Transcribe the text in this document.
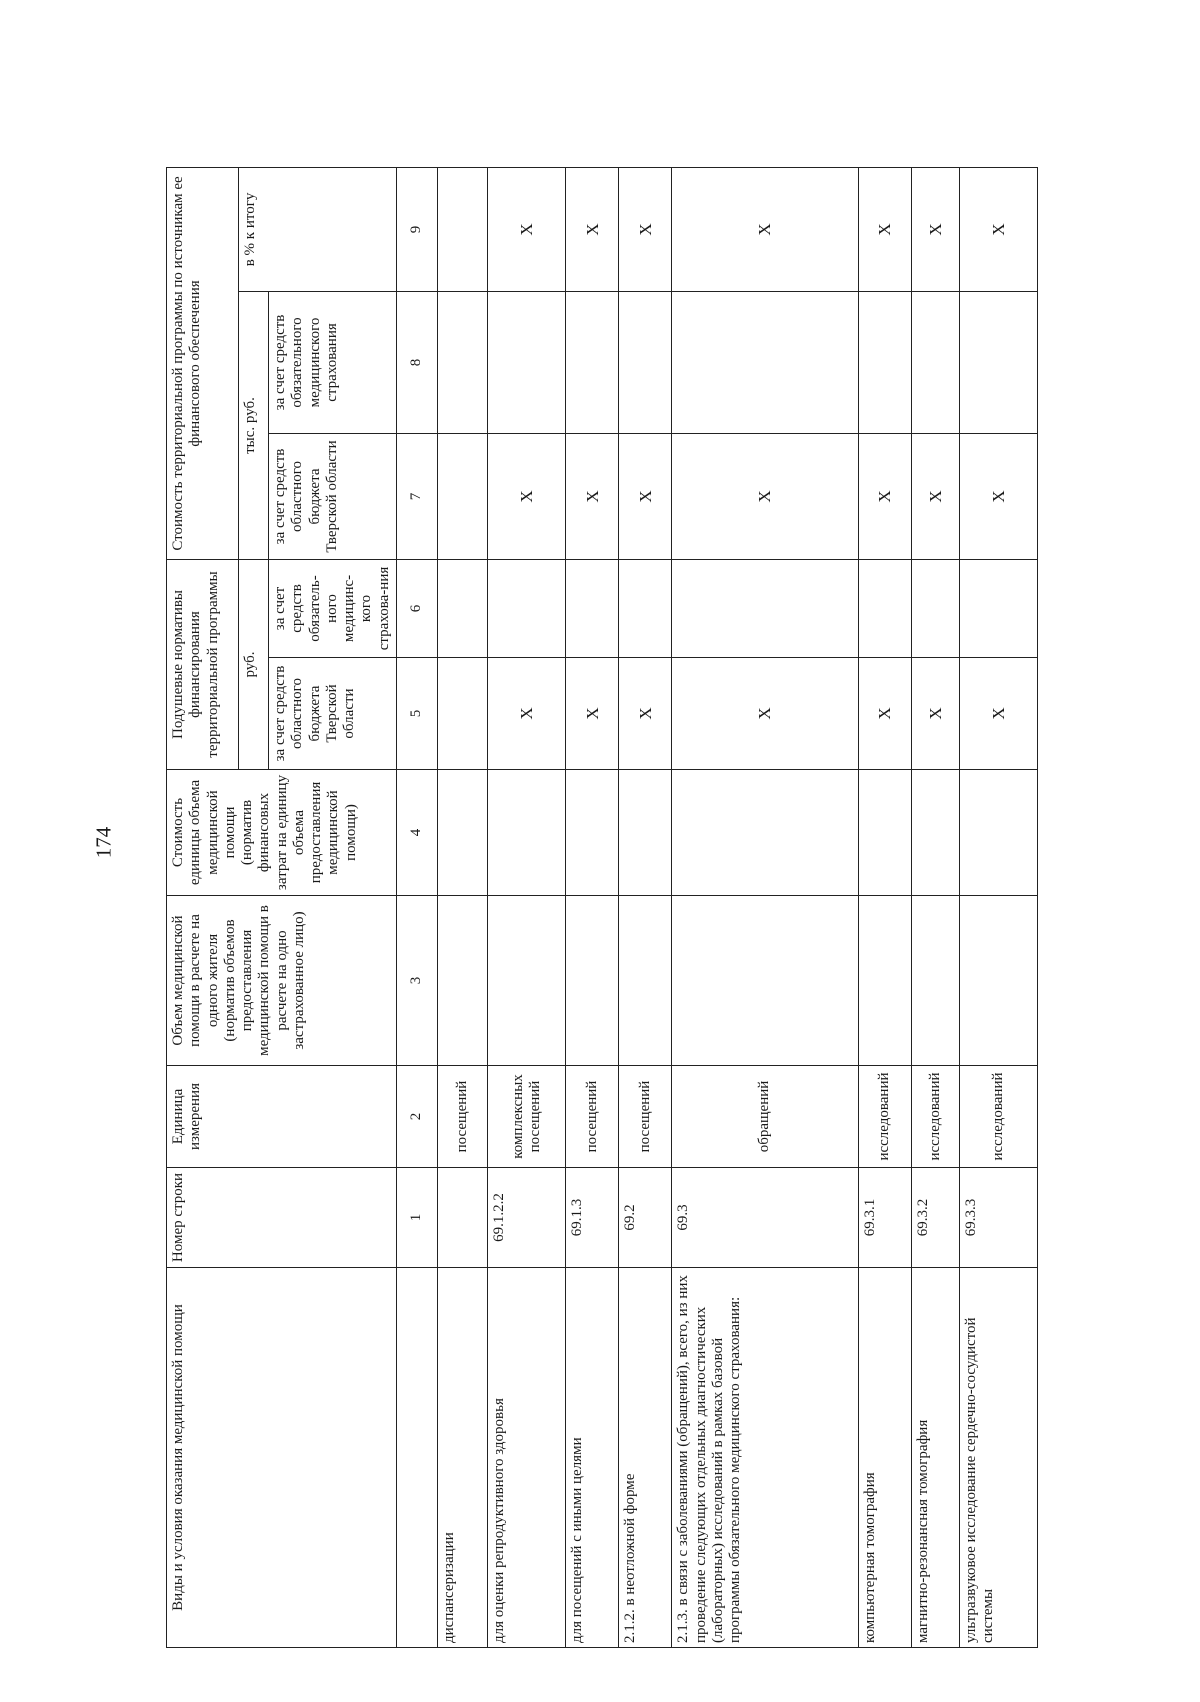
174
Виды и условия оказания медицинской помощи	Номер строки	Единица измерения	Объем медицинской помощи в расчете на одного жителя (норматив объемов предоставления медицинской помощи в расчете на одно застрахованное лицо)	Стоимость единицы объема медицинской помощи (норматив финансовых затрат на единицу объема предоставления медицинской помощи)	Подушевые нормативы финансирования территориальной программы		Стоимость территориальной программы по источникам ее финансового обеспечения		
					руб.		тыс. руб.		в % к итогу
					за счет средств областного бюджета Тверской области	за счет средств обязатель-ного медицинс-кого страхова-ния	за счет средств областного бюджета Тверской области	за счет средств обязательного медицинского страхования	
	1	2	3	4	5	6	7	8	9
диспансеризации		посещений							
для оценки репродуктивного здоровья	69.1.2.2	комплексных посещений			X		X		X
для посещений с иными целями	69.1.3	посещений			X		X		X
2.1.2. в неотложной форме	69.2	посещений			X		X		X
2.1.3. в связи с заболеваниями (обращений), всего, из них проведение следующих отдельных диагностических (лабораторных) исследований в рамках базовой программы обязательного медицинского страхования:	69.3	обращений			X		X		X
компьютерная томография	69.3.1	исследований			X		X		X
магнитно-резонансная томография	69.3.2	исследований			X		X		X
ультразвуковое исследование сердечно-сосудистой системы	69.3.3	исследований			X		X		X
